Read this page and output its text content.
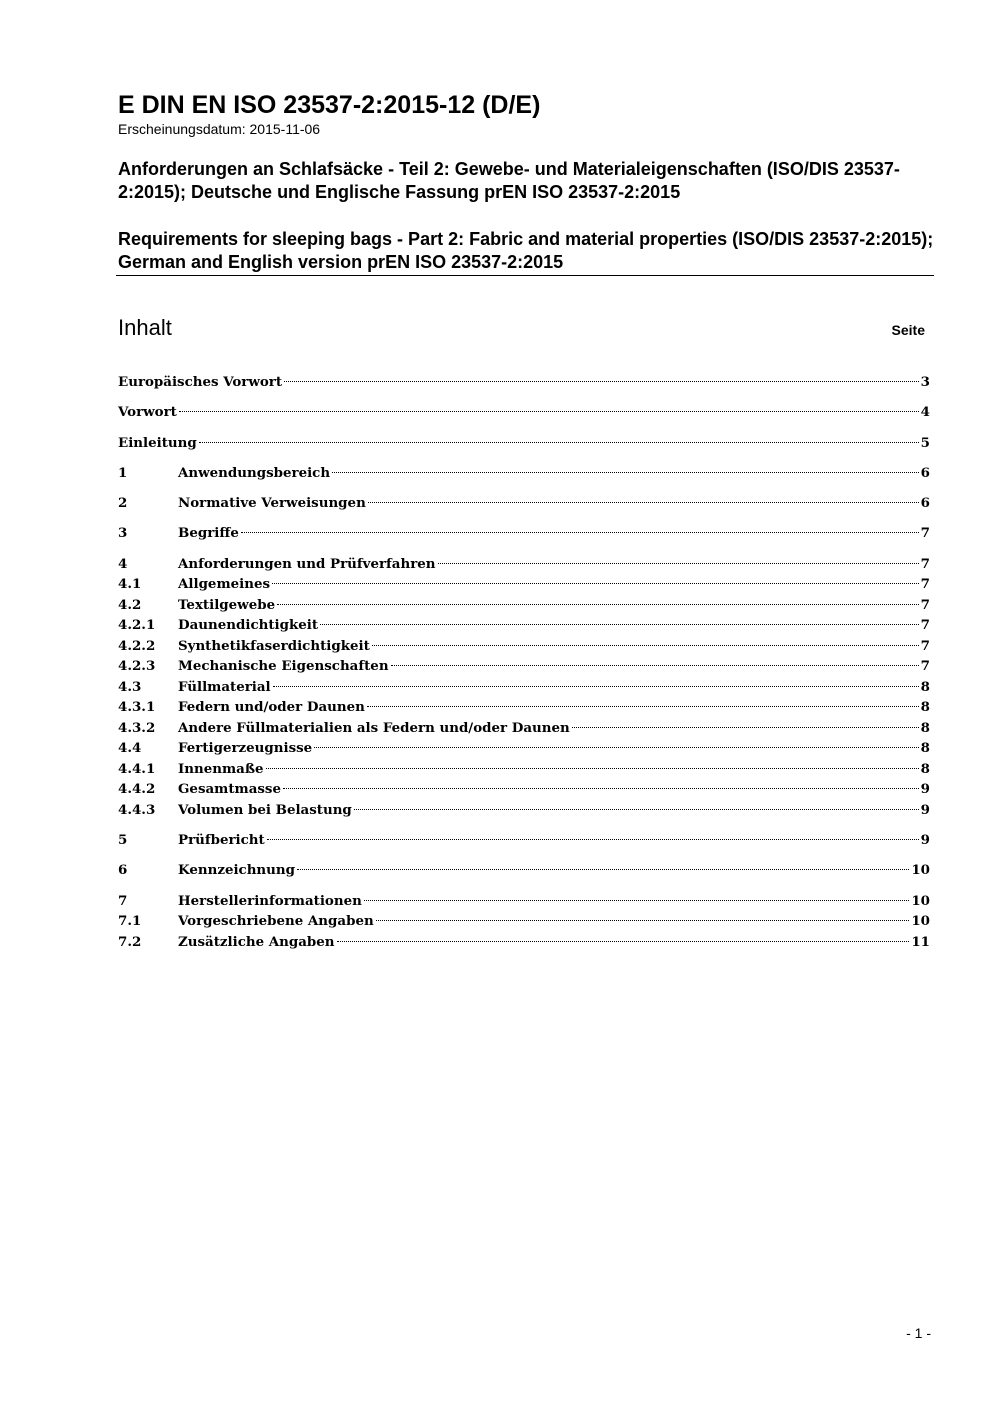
E DIN EN ISO 23537-2:2015-12 (D/E)

Erscheinungsdatum: 2015-11-06

Anforderungen an Schlafsäcke - Teil 2: Gewebe- und Materialeigenschaften (ISO/DIS 23537-2:2015); Deutsche und Englische Fassung prEN ISO 23537-2:2015

Requirements for sleeping bags - Part 2: Fabric and material properties (ISO/DIS 23537-2:2015); German and English version prEN ISO 23537-2:2015

Inhalt	Seite
Europäisches Vorwort	3
Vorwort	4
Einleitung	5
1	Anwendungsbereich	6
2	Normative Verweisungen	6
3	Begriffe	7
4	Anforderungen und Prüfverfahren	7
4.1	Allgemeines	7
4.2	Textilgewebe	7
4.2.1 Daunendichtigkeit	7
4.2.2 Synthetikfaserdichtigkeit	7
4.2.3 Mechanische Eigenschaften	7
4.3	Füllmaterial	8
4.3.1 Federn und/oder Daunen	8
4.3.2 Andere Füllmaterialien als Federn und/oder Daunen	8
4.4	Fertigerzeugnisse	8
4.4.1 Innenmaße	8
4.4.2 Gesamtmasse	9
4.4.3 Volumen bei Belastung	9
5	Prüfbericht	9
6	Kennzeichnung	10
7	Herstellerinformationen	10
7.1	Vorgeschriebene Angaben	10
7.2	Zusätzliche Angaben	11
- 1 -
